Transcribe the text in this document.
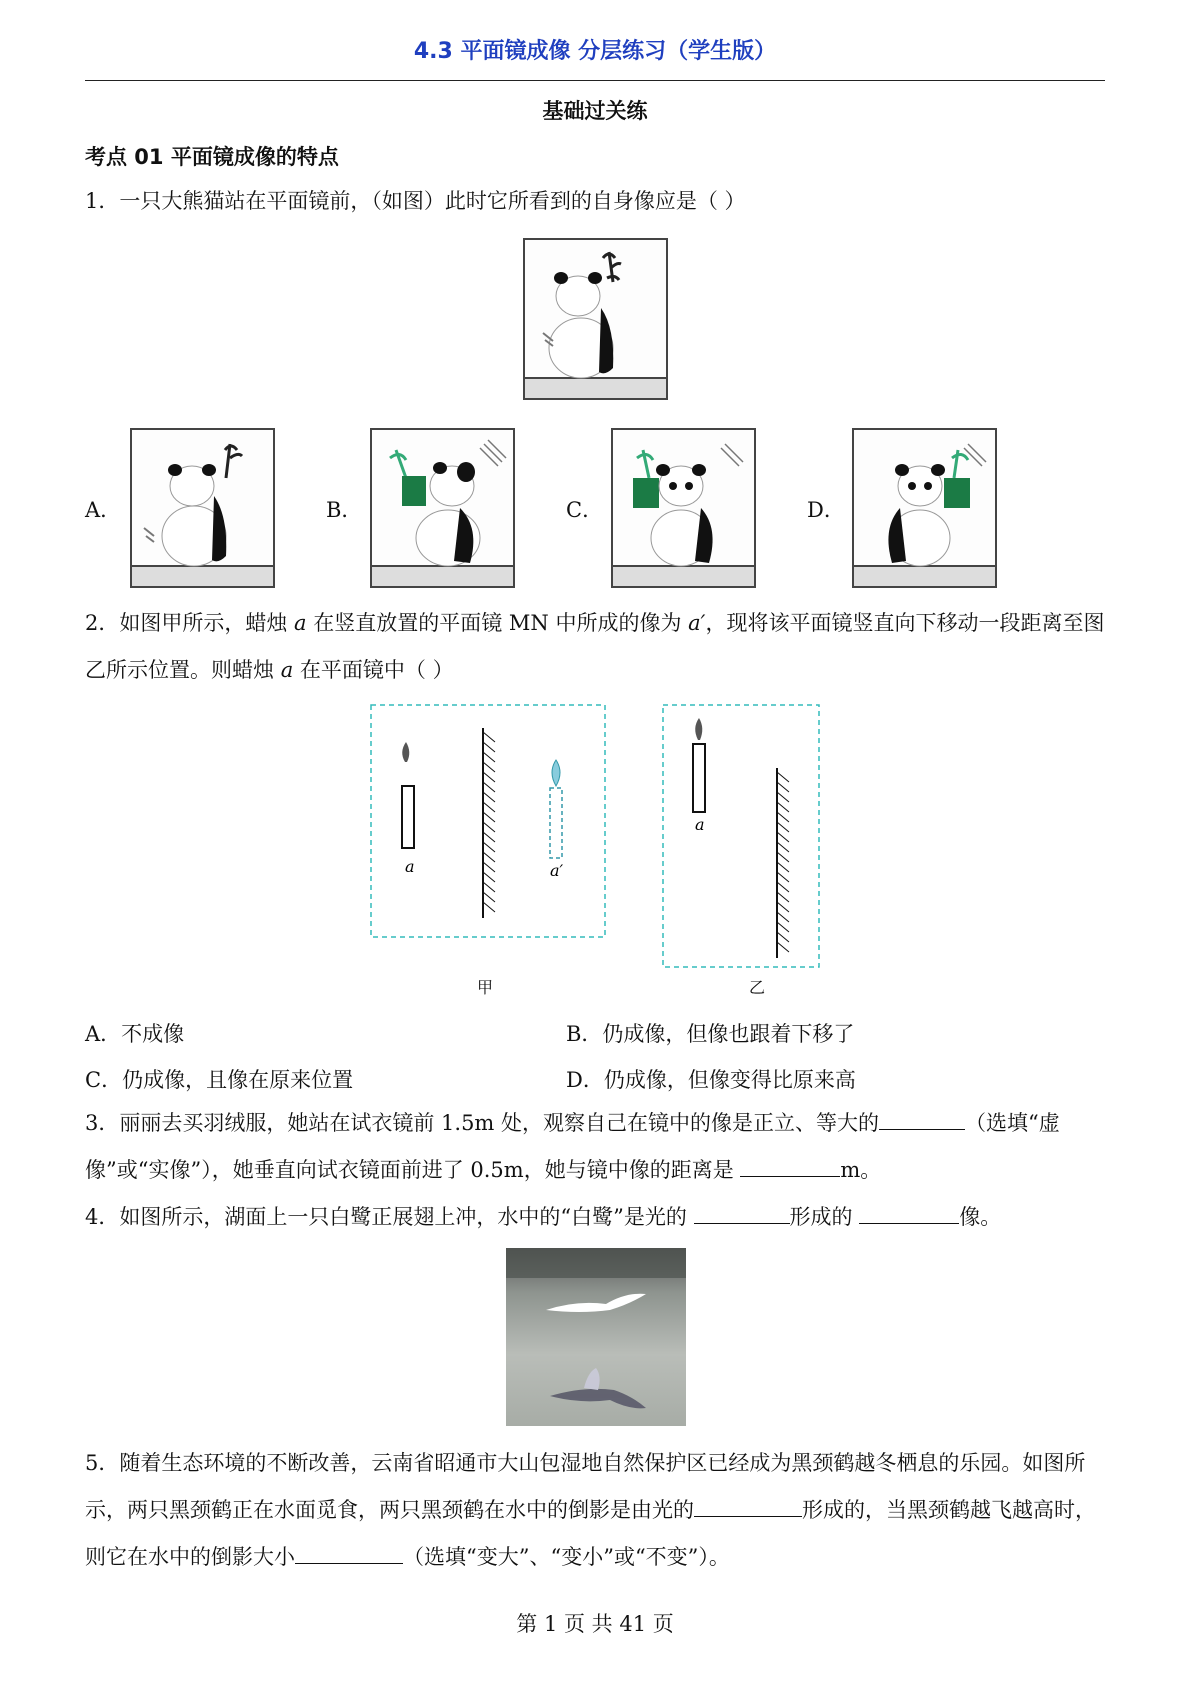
4.3 平面镜成像 分层练习（学生版）
基础过关练
考点 01 平面镜成像的特点
1．一只大熊猫站在平面镜前，（如图）此时它所看到的自身像应是（ ）
A．	B．	C．	D．
2．如图甲所示，蜡烛 a 在竖直放置的平面镜 MN 中所成的像为 a′，现将该平面镜竖直向下移动一段距离至图乙所示位置。则蜡烛 a 在平面镜中（ ）
a	a′
a
甲	乙
A．不成像	B．仍成像，但像也跟着下移了
C．仍成像，且像在原来位置	D．仍成像，但像变得比原来高
3．丽丽去买羽绒服，她站在试衣镜前 1.5m 处，观察自己在镜中的像是正立、等大的	（选填“虚像”或“实像”），她垂直向试衣镜面前进了 0.5m，她与镜中像的距离是	m。
4．如图所示，湖面上一只白鹭正展翅上冲，水中的“白鹭”是光的	形成的	像。
5．随着生态环境的不断改善，云南省昭通市大山包湿地自然保护区已经成为黑颈鹤越冬栖息的乐园。如图所示，两只黑颈鹤正在水面觅食，两只黑颈鹤在水中的倒影是由光的	形成的，当黑颈鹤越飞越高时，则它在水中的倒影大小	（选填“变大”、“变小”或“不变”）。
第 1 页 共 41 页
